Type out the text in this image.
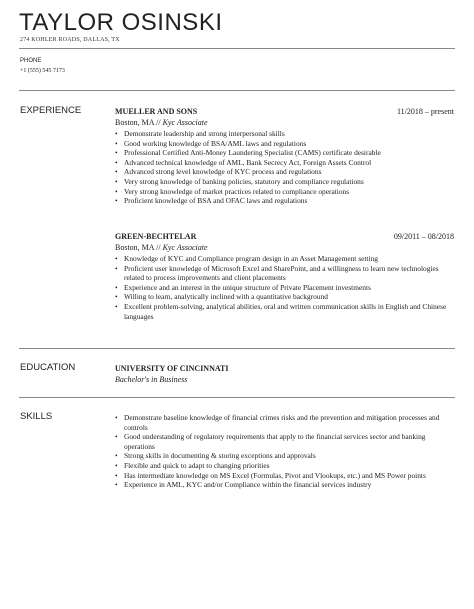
TAYLOR OSINSKI
274 KOHLER ROADS, DALLAS, TX
PHONE
+1 (555) 545 7173
EXPERIENCE	MUELLER AND SONS	11/2018 – present
Boston, MA // Kyc Associate
• Demonstrate leadership and strong interpersonal skills
• Good working knowledge of BSA/AML laws and regulations
• Professional Certified Anti-Money Laundering Specialist (CAMS) certificate desirable
• Advanced technical knowledge of AML, Bank Secrecy Act, Foreign Assets Control
• Advanced strong level knowledge of KYC process and regulations
• Very strong knowledge of banking policies, statutory and compliance regulations
• Very strong knowledge of market practices related to compliance operations
• Proficient knowledge of BSA and OFAC laws and regulations
GREEN-BECHTELAR	09/2011 – 08/2018
Boston, MA // Kyc Associate
• Knowledge of KYC and Compliance program design in an Asset Management setting
• Proficient user knowledge of Microsoft Excel and SharePoint, and a willingness to learn new technologies related to process improvements and client placements
• Experience and an interest in the unique structure of Private Placement investments
• Willing to learn, analytically inclined with a quantitative background
• Excellent problem-solving, analytical abilities, oral and written communication skills in English and Chinese languages
EDUCATION	UNIVERSITY OF CINCINNATI
Bachelor's in Business
SKILLS
•	Demonstrate baseline knowledge of financial crimes risks and the prevention and mitigation processes and controls
• Good understanding of regulatory requirements that apply to the financial services sector and banking operations
• Strong skills in documenting & storing exceptions and approvals
• Flexible and quick to adapt to changing priorities
• Has intermediate knowledge on MS Excel (Formulas, Pivot and Vlookups, etc.) and MS Power points
• Experience in AML, KYC and/or Compliance within the financial services industry
